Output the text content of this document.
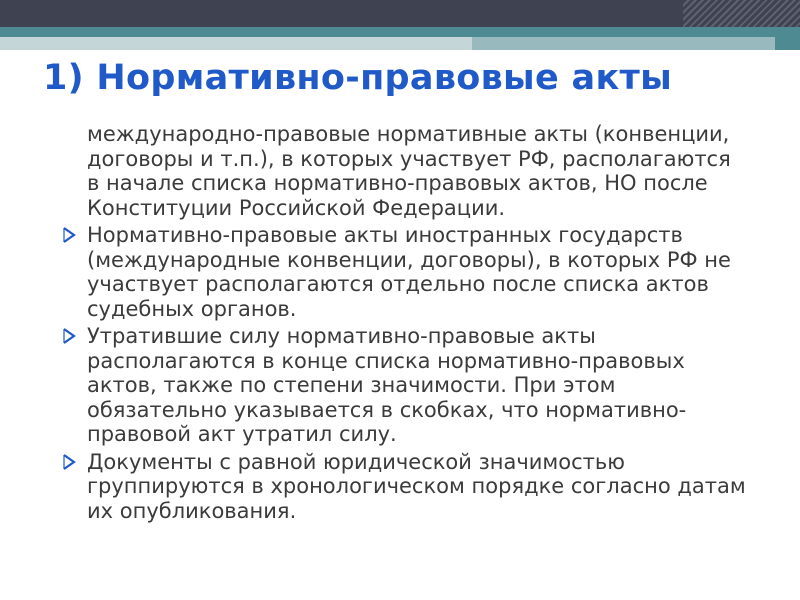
1) Нормативно-правовые акты
международно-правовые нормативные акты (конвенции, договоры и т.п.), в которых участвует РФ, располагаются в начале списка нормативно-правовых актов, НО после Конституции Российской Федерации.
Нормативно-правовые акты иностранных государств (международные конвенции, договоры), в которых РФ не участвует располагаются отдельно после списка актов судебных органов.
Утратившие силу нормативно-правовые акты располагаются в конце списка нормативно-правовых актов, также по степени значимости. При этом обязательно указывается в скобках, что нормативно-правовой акт утратил силу.
Документы с равной юридической значимостью группируются в хронологическом порядке согласно датам их опубликования.
